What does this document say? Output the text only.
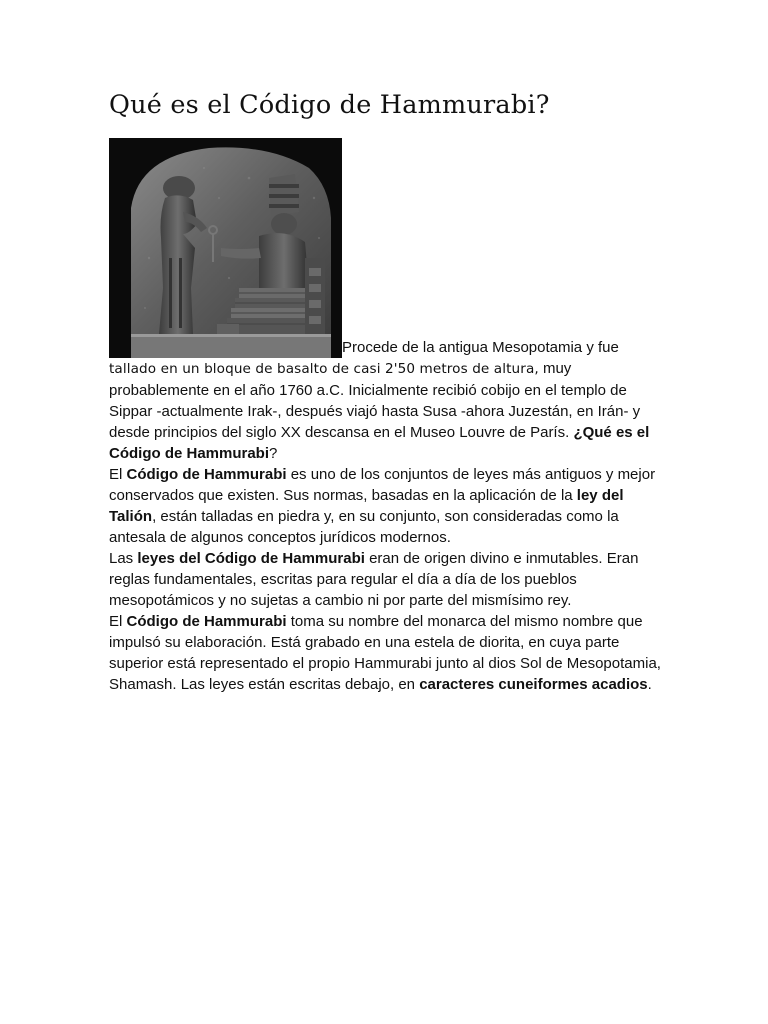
Qué es el Código de Hammurabi?

Procede de la antigua Mesopotamia y fue tallado en un bloque de basalto de casi 2'50 metros de altura, muy probablemente en el año 1760 a.C. Inicialmente recibió cobijo en el templo de Sippar -actualmente Irak-, después viajó hasta Susa -ahora Juzestán, en Irán- y desde principios del siglo XX descansa en el Museo Louvre de París. ¿Qué es el Código de Hammurabi?

El Código de Hammurabi es uno de los conjuntos de leyes más antiguos y mejor conservados que existen. Sus normas, basadas en la aplicación de la ley del Talión, están talladas en piedra y, en su conjunto, son consideradas como la antesala de algunos conceptos jurídicos modernos.

Las leyes del Código de Hammurabi eran de origen divino e inmutables. Eran reglas fundamentales, escritas para regular el día a día de los pueblos mesopotámicos y no sujetas a cambio ni por parte del mismísimo rey.

El Código de Hammurabi toma su nombre del monarca del mismo nombre que impulsó su elaboración. Está grabado en una estela de diorita, en cuya parte superior está representado el propio Hammurabi junto al dios Sol de Mesopotamia, Shamash. Las leyes están escritas debajo, en caracteres cuneiformes acadios.
